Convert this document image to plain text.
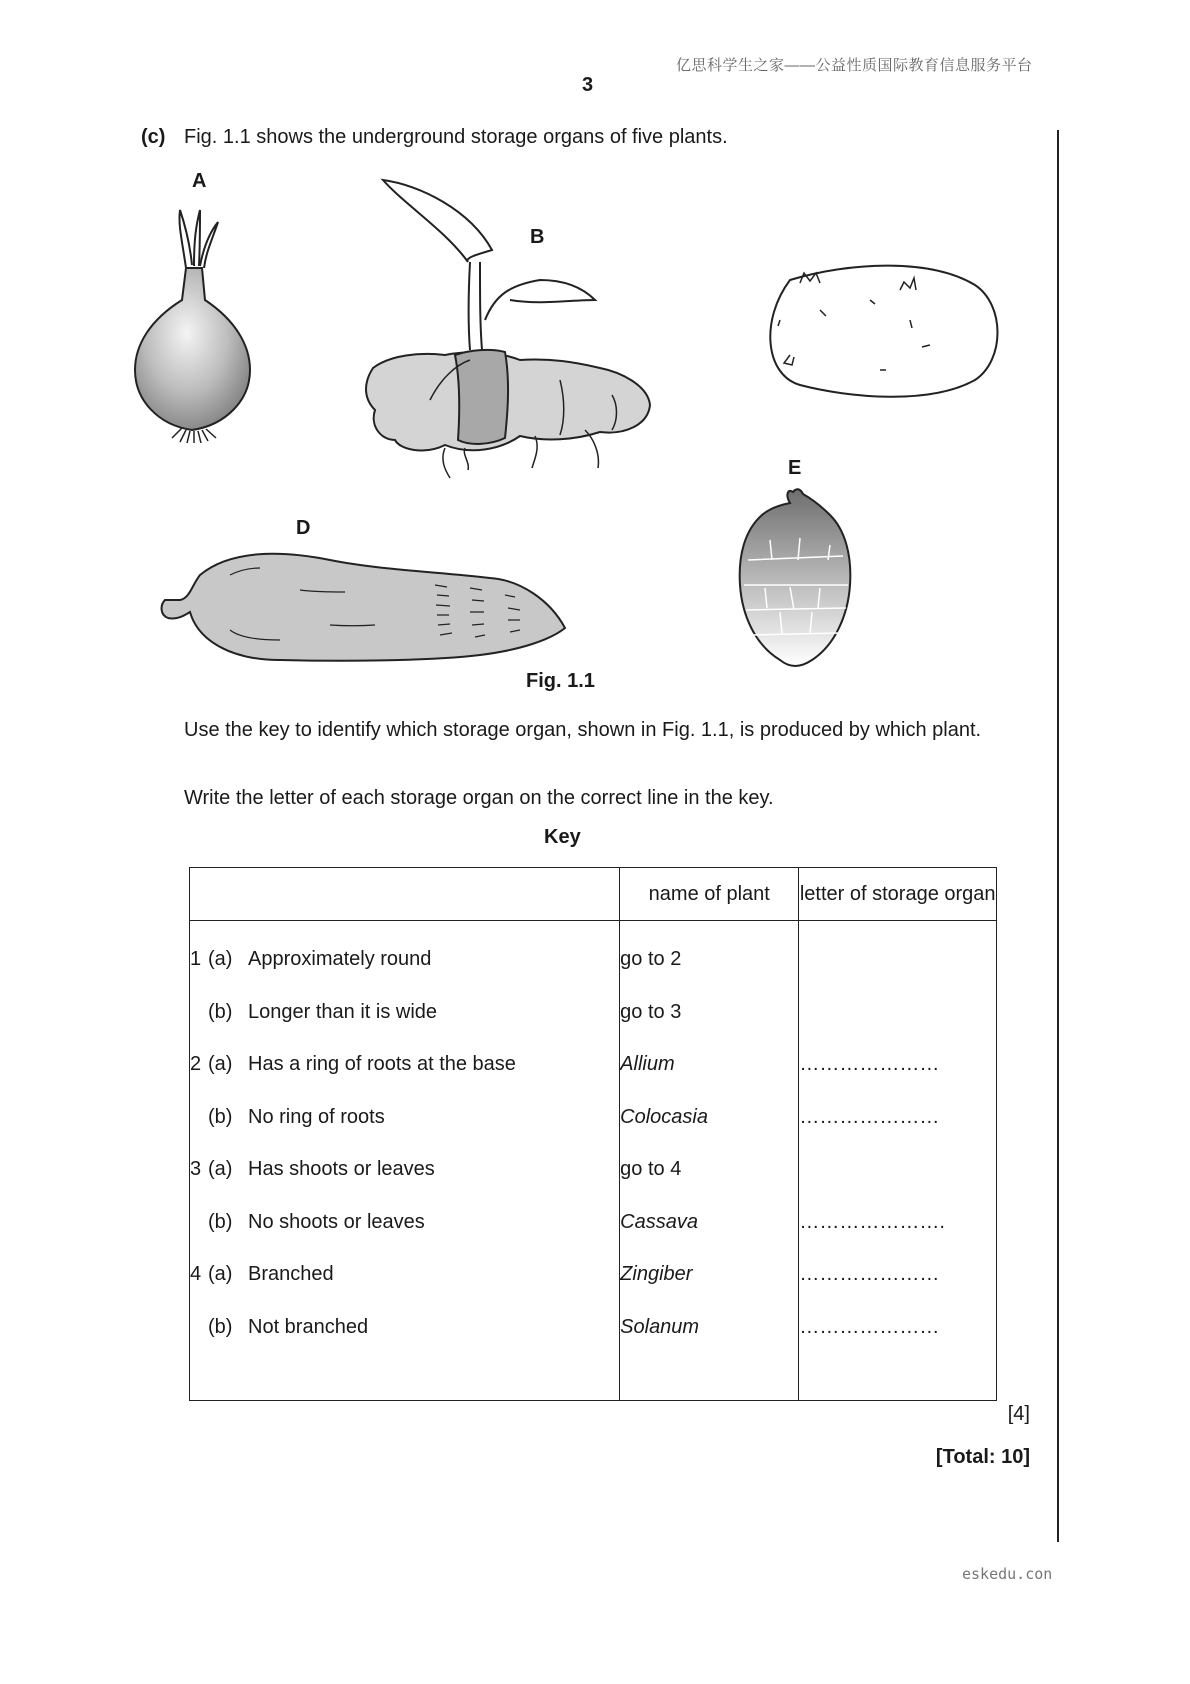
亿思科学生之家——公益性质国际教育信息服务平台
3
(c) Fig. 1.1 shows the underground storage organs of five plants.
A
B
D
E
Fig. 1.1
Use the key to identify which storage organ, shown in Fig. 1.1, is produced by which plant.
Write the letter of each storage organ on the correct line in the key.
Key
	name of plant	letter of storage organ

1 (a) Approximately round	go to 2	
(b) Longer than it is wide	go to 3	
2 (a) Has a ring of roots at the base	Allium	…………………
(b) No ring of roots	Colocasia	…………………
3 (a) Has shoots or leaves	go to 4	
(b) No shoots or leaves	Cassava	………………….
4 (a) Branched	Zingiber	…………………
(b) Not branched	Solanum	…………………

[4]
[Total: 10]
eskedu.con
